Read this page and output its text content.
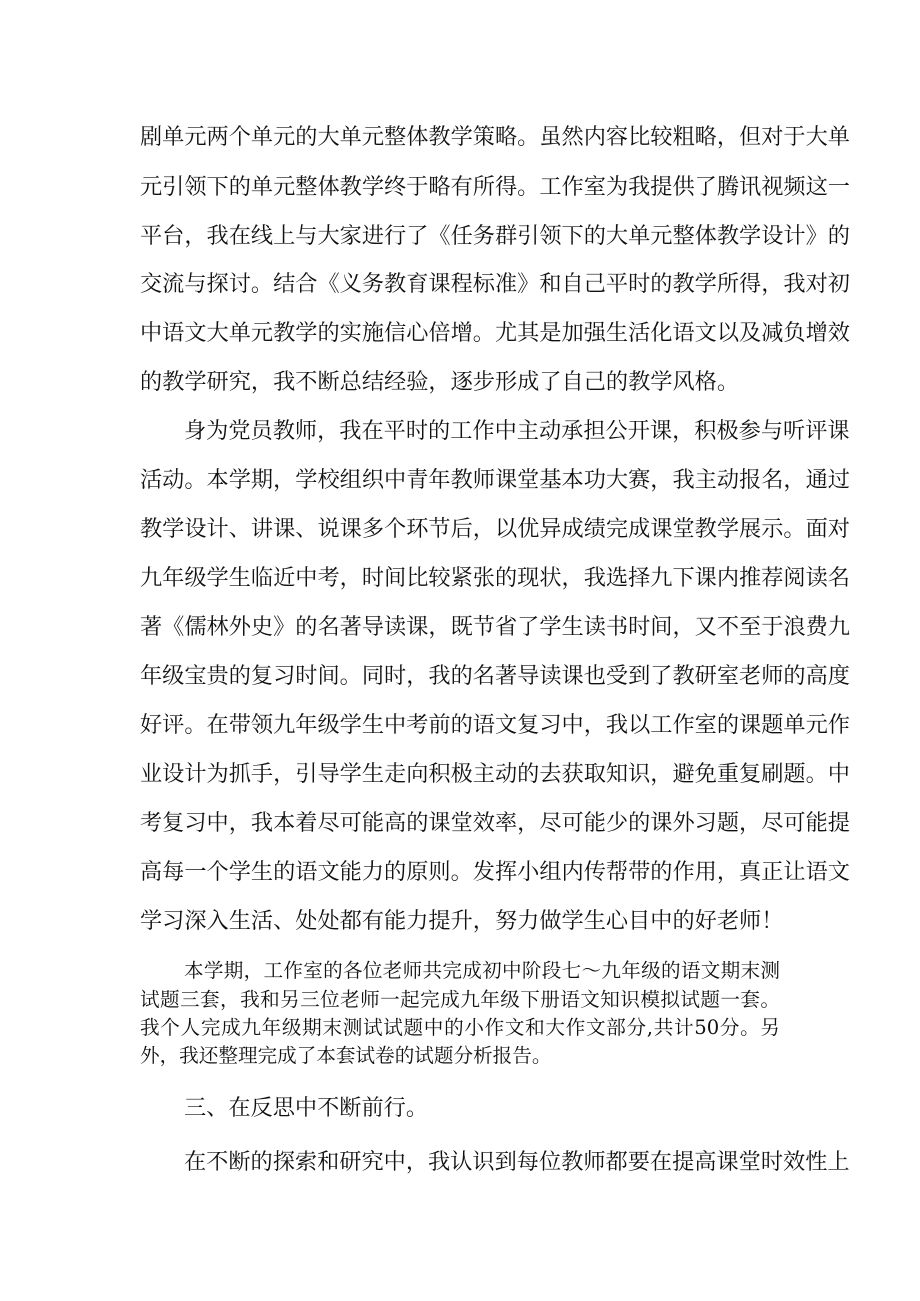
剧单元两个单元的大单元整体教学策略。虽然内容比较粗略，但对于大单
元引领下的单元整体教学终于略有所得。工作室为我提供了腾讯视频这一
平台，我在线上与大家进行了《任务群引领下的大单元整体教学设计》的
交流与探讨。结合《义务教育课程标准》和自己平时的教学所得，我对初
中语文大单元教学的实施信心倍增。尤其是加强生活化语文以及减负增效
的教学研究，我不断总结经验，逐步形成了自己的教学风格。
身为党员教师，我在平时的工作中主动承担公开课，积极参与听评课
活动。本学期，学校组织中青年教师课堂基本功大赛，我主动报名，通过
教学设计、讲课、说课多个环节后，以优异成绩完成课堂教学展示。面对
九年级学生临近中考，时间比较紧张的现状，我选择九下课内推荐阅读名
著《儒林外史》的名著导读课，既节省了学生读书时间，又不至于浪费九
年级宝贵的复习时间。同时，我的名著导读课也受到了教研室老师的高度
好评。在带领九年级学生中考前的语文复习中，我以工作室的课题单元作
业设计为抓手，引导学生走向积极主动的去获取知识，避免重复刷题。中
考复习中，我本着尽可能高的课堂效率，尽可能少的课外习题，尽可能提
高每一个学生的语文能力的原则。发挥小组内传帮带的作用，真正让语文
学习深入生活、处处都有能力提升，努力做学生心目中的好老师！
本学期，工作室的各位老师共完成初中阶段七～九年级的语文期末测
试题三套，我和另三位老师一起完成九年级下册语文知识模拟试题一套。
我个人完成九年级期末测试试题中的小作文和大作文部分,共计50分。另
外，我还整理完成了本套试卷的试题分析报告。
三、在反思中不断前行。
在不断的探索和研究中，我认识到每位教师都要在提高课堂时效性上
